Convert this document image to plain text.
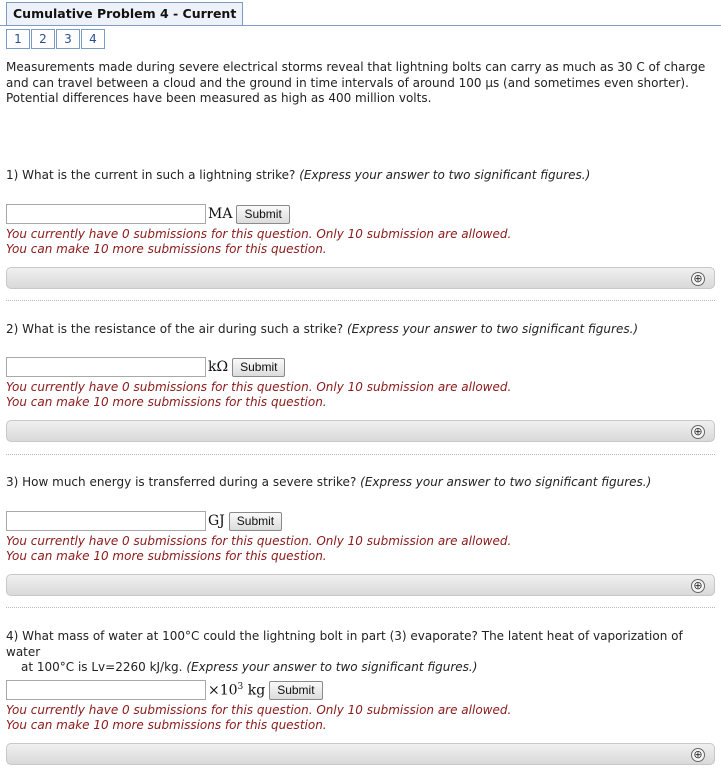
Cumulative Problem 4 - Current
1	2	3	4
Measurements made during severe electrical storms reveal that lightning bolts can carry as much as 30 C of charge and can travel between a cloud and the ground in time intervals of around 100 μs (and sometimes even shorter). Potential differences have been measured as high as 400 million volts.
1) What is the current in such a lightning strike? (Express your answer to two significant figures.)
MA	Submit
You currently have 0 submissions for this question. Only 10 submission are allowed.
You can make 10 more submissions for this question.
⊕
2) What is the resistance of the air during such a strike? (Express your answer to two significant figures.)
kΩ	Submit
You currently have 0 submissions for this question. Only 10 submission are allowed.
You can make 10 more submissions for this question.
⊕
3) How much energy is transferred during a severe strike? (Express your answer to two significant figures.)
GJ	Submit
You currently have 0 submissions for this question. Only 10 submission are allowed.
You can make 10 more submissions for this question.
⊕
4) What mass of water at 100°C could the lightning bolt in part (3) evaporate? The latent heat of vaporization of water
at 100°C is Lv=2260 kJ/kg. (Express your answer to two significant figures.)
$\times 10^3$ kg	Submit
You currently have 0 submissions for this question. Only 10 submission are allowed.
You can make 10 more submissions for this question.
⊕
